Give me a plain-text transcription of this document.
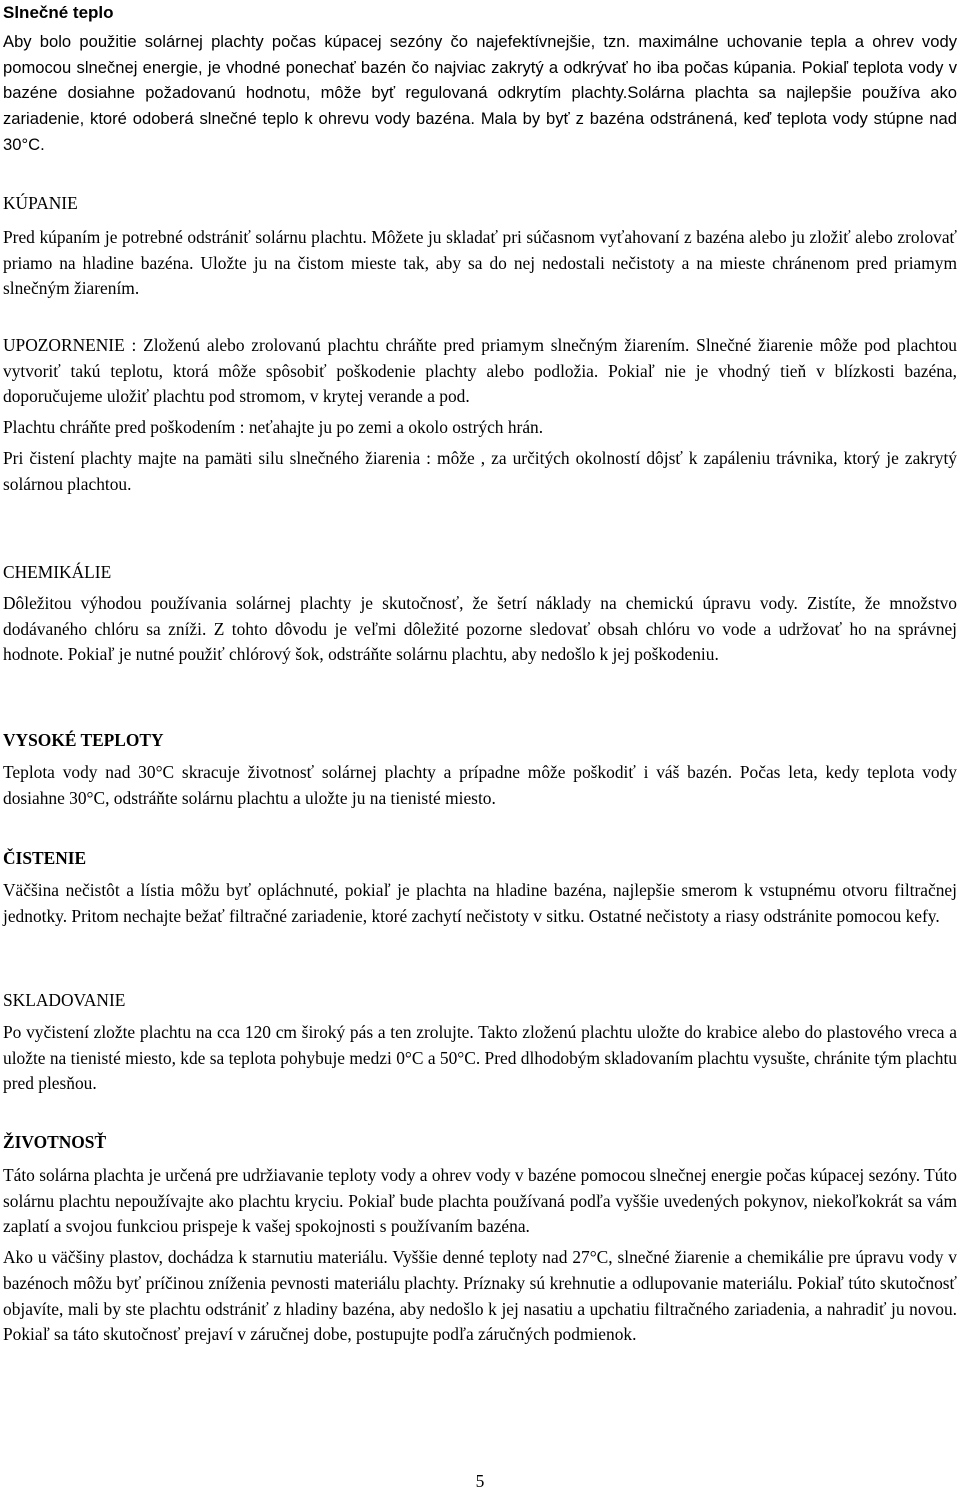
Slnečné teplo

Aby bolo použitie solárnej plachty počas kúpacej sezóny čo najefektívnejšie, tzn. maximálne uchovanie tepla a ohrev vody pomocou slnečnej energie, je vhodné ponechať bazén čo najviac zakrytý a odkrývať ho iba počas kúpania. Pokiaľ teplota vody v bazéne dosiahne požadovanú hodnotu, môže byť regulovaná odkrytím plachty.Solárna plachta sa najlepšie používa ako zariadenie, ktoré odoberá slnečné teplo k ohrevu vody bazéna. Mala by byť z bazéna odstránená, keď teplota vody stúpne nad 30°C.

KÚPANIE

Pred kúpaním je potrebné odstrániť solárnu plachtu. Môžete ju skladať pri súčasnom vyťahovaní z bazéna alebo ju zložiť alebo zrolovať priamo na hladine bazéna. Uložte ju na čistom mieste tak, aby sa do nej nedostali nečistoty a na mieste chránenom pred priamym slnečným žiarením.

UPOZORNENIE : Zloženú alebo zrolovanú plachtu chráňte pred priamym slnečným žiarením. Slnečné žiarenie môže pod plachtou vytvoriť takú teplotu, ktorá môže spôsobiť poškodenie plachty alebo podložia. Pokiaľ nie je vhodný tieň v blízkosti bazéna, doporučujeme uložiť plachtu pod stromom, v krytej verande a pod.

Plachtu chráňte pred poškodením : neťahajte ju po zemi a okolo ostrých hrán.

Pri čistení plachty majte na pamäti silu slnečného žiarenia : môže , za určitých okolností dôjsť k zapáleniu trávnika, ktorý je zakrytý solárnou plachtou.

CHEMIKÁLIE

Dôležitou výhodou používania solárnej plachty je skutočnosť, že šetrí náklady na chemickú úpravu vody. Zistíte, že množstvo dodávaného chlóru sa zníži. Z tohto dôvodu je veľmi dôležité pozorne sledovať obsah chlóru vo vode a udržovať ho na správnej hodnote. Pokiaľ je nutné použiť chlórový šok, odstráňte solárnu plachtu, aby nedošlo k jej poškodeniu.

VYSOKÉ TEPLOTY

Teplota vody nad 30°C skracuje životnosť solárnej plachty a prípadne môže poškodiť i váš bazén. Počas leta, kedy teplota vody dosiahne 30°C, odstráňte solárnu plachtu a uložte ju na tienisté miesto.

ČISTENIE

Väčšina nečistôt a lístia môžu byť opláchnuté, pokiaľ je plachta na hladine bazéna, najlepšie smerom k vstupnému otvoru filtračnej jednotky. Pritom nechajte bežať filtračné zariadenie, ktoré zachytí nečistoty v sitku. Ostatné nečistoty a riasy odstránite pomocou kefy.

SKLADOVANIE

Po vyčistení zložte plachtu na cca 120 cm široký pás a ten zrolujte. Takto zloženú plachtu uložte do krabice alebo do plastového vreca a uložte na tienisté miesto, kde sa teplota pohybuje medzi 0°C a 50°C. Pred dlhodobým skladovaním plachtu vysušte, chránite tým plachtu pred plesňou.

ŽIVOTNOSŤ

Táto solárna plachta je určená pre udržiavanie teploty vody a ohrev vody v bazéne pomocou slnečnej energie počas kúpacej sezóny. Túto solárnu plachtu nepoužívajte ako plachtu kryciu. Pokiaľ bude plachta používaná podľa vyššie uvedených pokynov, niekoľkokrát sa vám zaplatí a svojou funkciou prispeje k vašej spokojnosti s používaním bazéna.

Ako u väčšiny plastov, dochádza k starnutiu materiálu. Vyššie denné teploty nad 27°C, slnečné žiarenie a chemikálie pre úpravu vody v bazénoch môžu byť príčinou zníženia pevnosti materiálu plachty. Príznaky sú krehnutie a odlupovanie materiálu. Pokiaľ túto skutočnosť objavíte, mali by ste plachtu odstrániť z hladiny bazéna, aby nedošlo k jej nasatiu a upchatiu filtračného zariadenia, a nahradiť ju novou. Pokiaľ sa táto skutočnosť prejaví v záručnej dobe, postupujte podľa záručných podmienok.

5
